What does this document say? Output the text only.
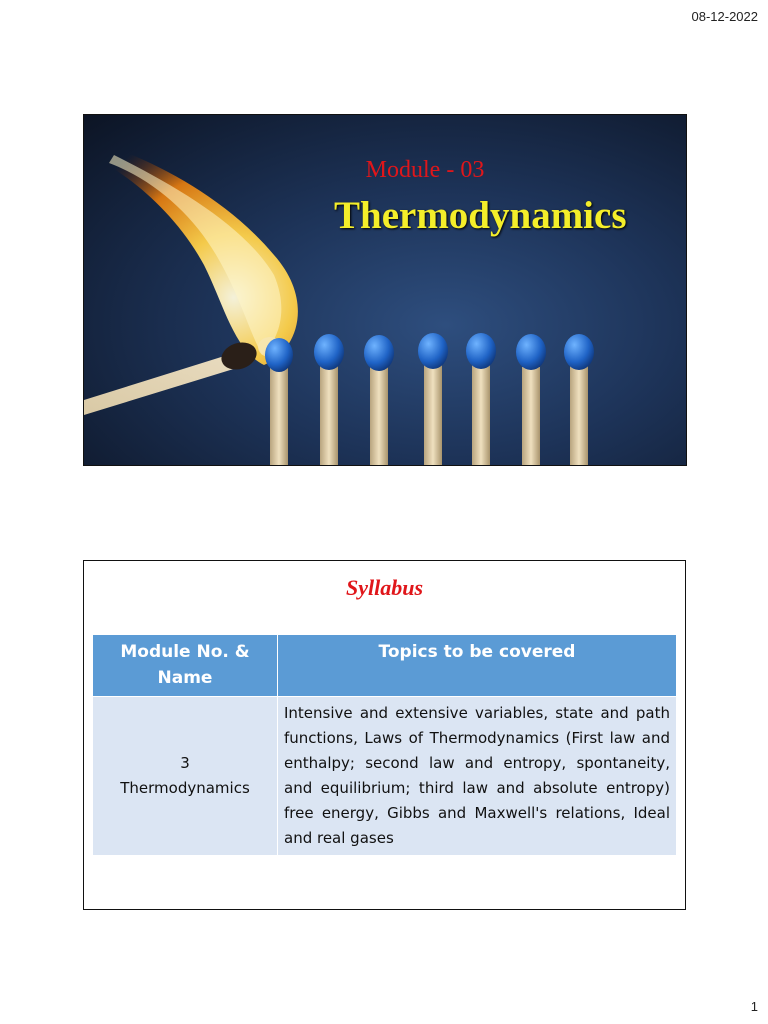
08-12-2022
Module - 03
Thermodynamics
Syllabus
Module No. & Name	Topics to be covered

3
Thermodynamics	Intensive and extensive variables, state and path functions, Laws of Thermodynamics (First law and enthalpy; second law and entropy, spontaneity, and equilibrium; third law and absolute entropy) free energy, Gibbs and Maxwell's relations, Ideal and real gases
1
